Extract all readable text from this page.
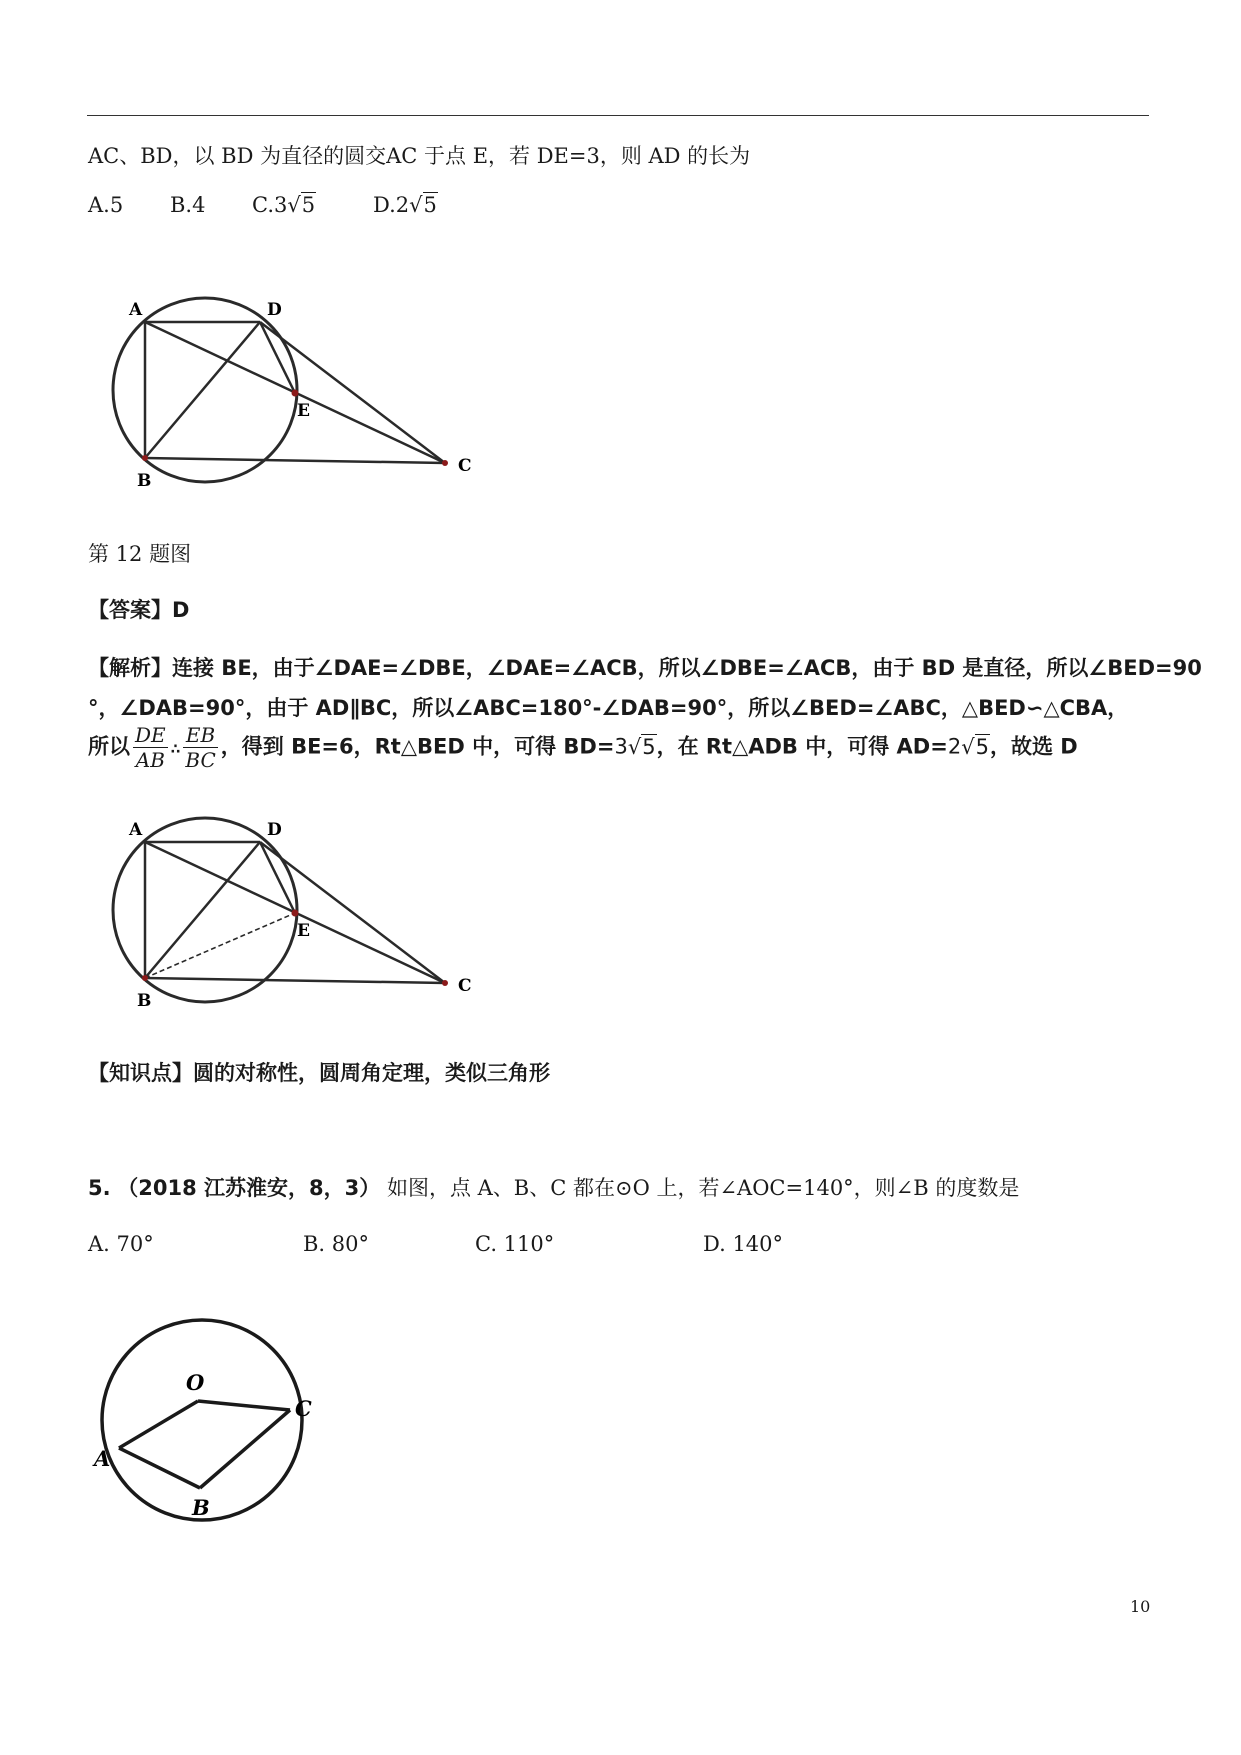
AC、BD，以 BD 为直径的圆交AC 于点 E，若 DE=3，则 AD 的长为
A.5 B.4 C.3√5	D.2√5
A	D
E
B
C
第 12 题图
【答案】D
【解析】连接 BE，由于∠DAE=∠DBE，∠DAE=∠ACB，所以∠DBE=∠ACB，由于 BD 是直径，所以∠BED=90
°，∠DAB=90°，由于 AD∥BC，所以∠ABC=180°-∠DAB=90°，所以∠BED=∠ABC，△BED∽△CBA，
所以 $\frac{DE}{AB}$ ∴ $\frac{EB}{BC}$ ，得到 BE=6，Rt△BED 中，可得 BD=3√5，在 Rt△ADB 中，可得 AD=2√5，故选 D
A	D
E
B
C
【知识点】圆的对称性，圆周角定理，类似三角形
5. （2018 江苏淮安，8，3） 如图，点 A、B、C 都在⊙O 上，若∠AOC=140°，则∠B 的度数是
A. 70°	B. 80°	C. 110°	D. 140°
O
A
B
C
10
